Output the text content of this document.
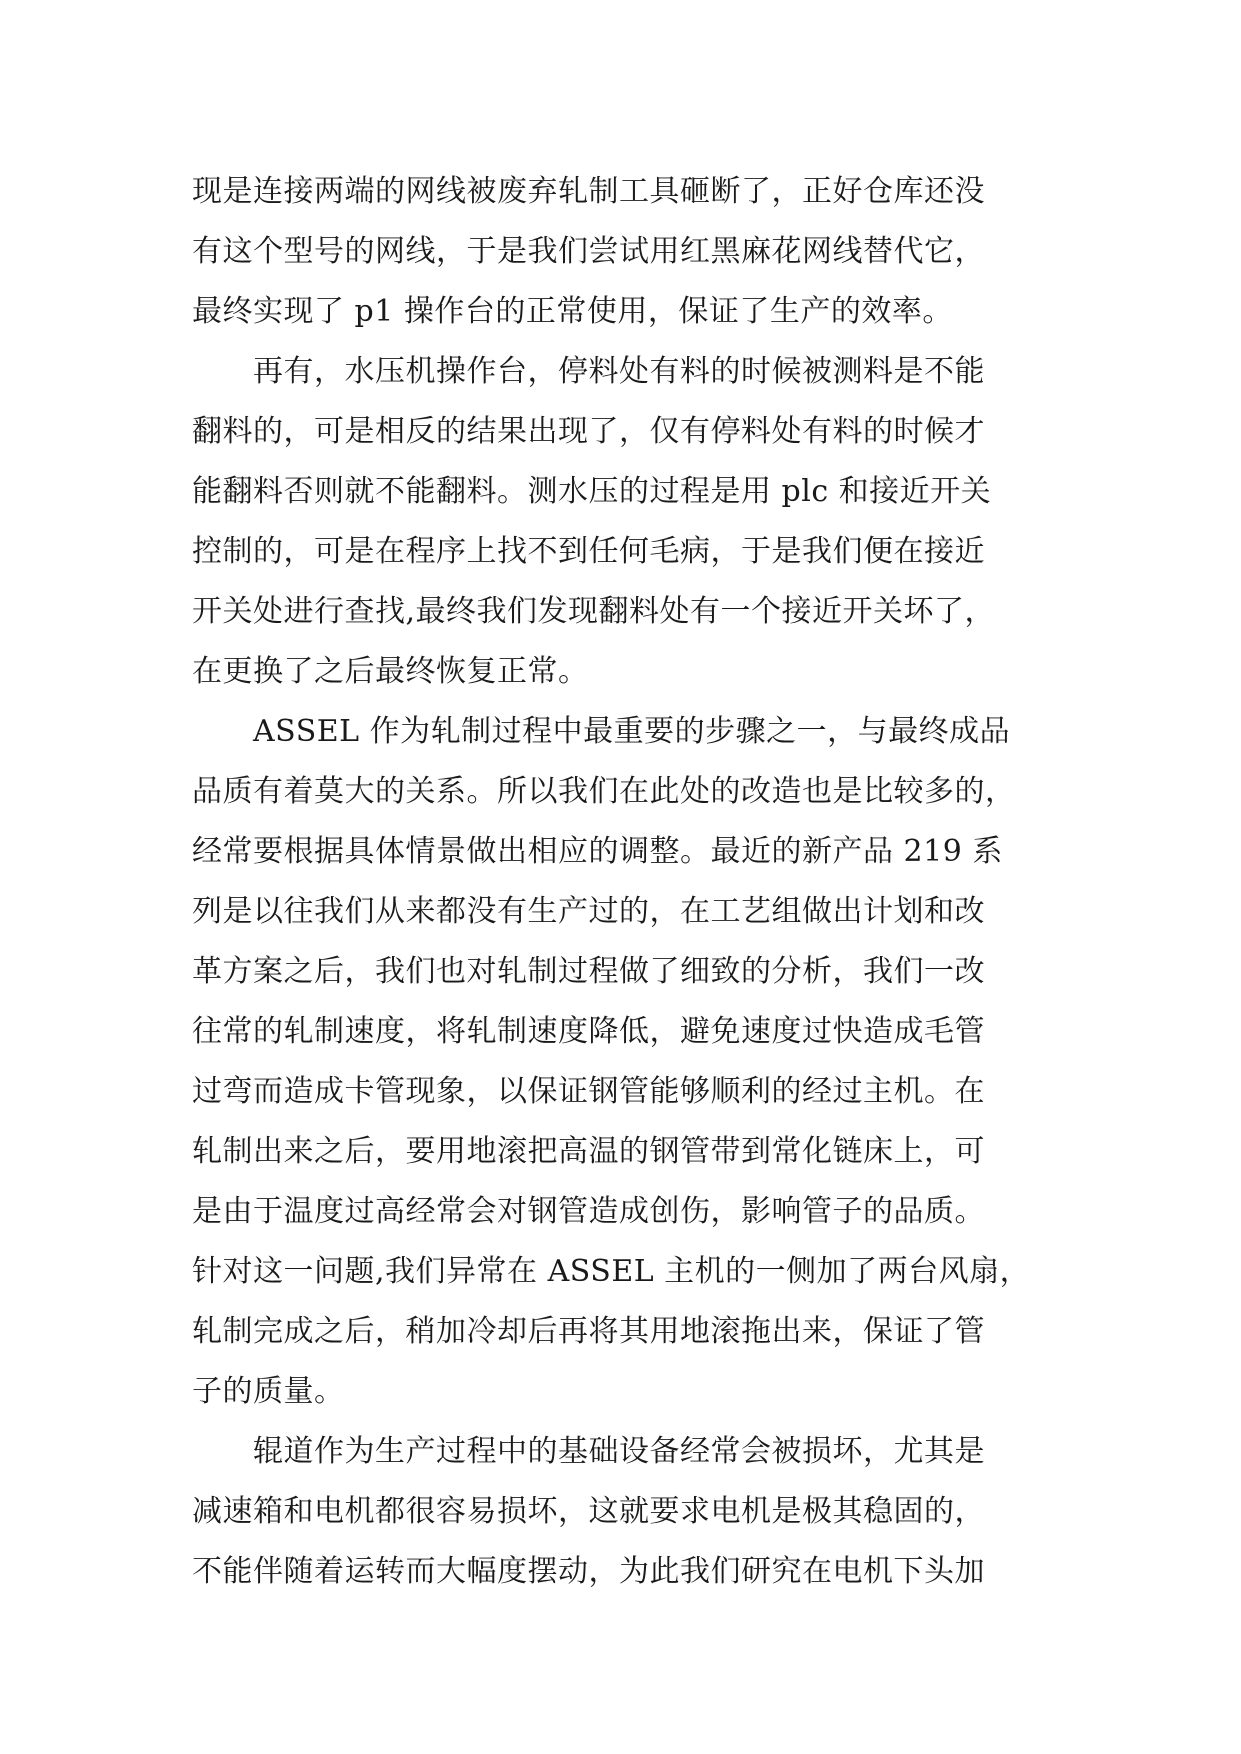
现是连接两端的网线被废弃轧制工具砸断了，正好仓库还没
有这个型号的网线，于是我们尝试用红黑麻花网线替代它，
最终实现了 p1 操作台的正常使用，保证了生产的效率。
　　再有，水压机操作台，停料处有料的时候被测料是不能
翻料的，可是相反的结果出现了，仅有停料处有料的时候才
能翻料否则就不能翻料。测水压的过程是用 plc 和接近开关
控制的，可是在程序上找不到任何毛病，于是我们便在接近
开关处进行查找,最终我们发现翻料处有一个接近开关坏了，
在更换了之后最终恢复正常。
　　ASSEL 作为轧制过程中最重要的步骤之一，与最终成品
品质有着莫大的关系。所以我们在此处的改造也是比较多的，
经常要根据具体情景做出相应的调整。最近的新产品 219 系
列是以往我们从来都没有生产过的，在工艺组做出计划和改
革方案之后，我们也对轧制过程做了细致的分析，我们一改
往常的轧制速度，将轧制速度降低，避免速度过快造成毛管
过弯而造成卡管现象，以保证钢管能够顺利的经过主机。在
轧制出来之后，要用地滚把高温的钢管带到常化链床上，可
是由于温度过高经常会对钢管造成创伤，影响管子的品质。
针对这一问题,我们异常在 ASSEL 主机的一侧加了两台风扇，
轧制完成之后，稍加冷却后再将其用地滚拖出来，保证了管
子的质量。
　　辊道作为生产过程中的基础设备经常会被损坏，尤其是
减速箱和电机都很容易损坏，这就要求电机是极其稳固的，
不能伴随着运转而大幅度摆动，为此我们研究在电机下头加
